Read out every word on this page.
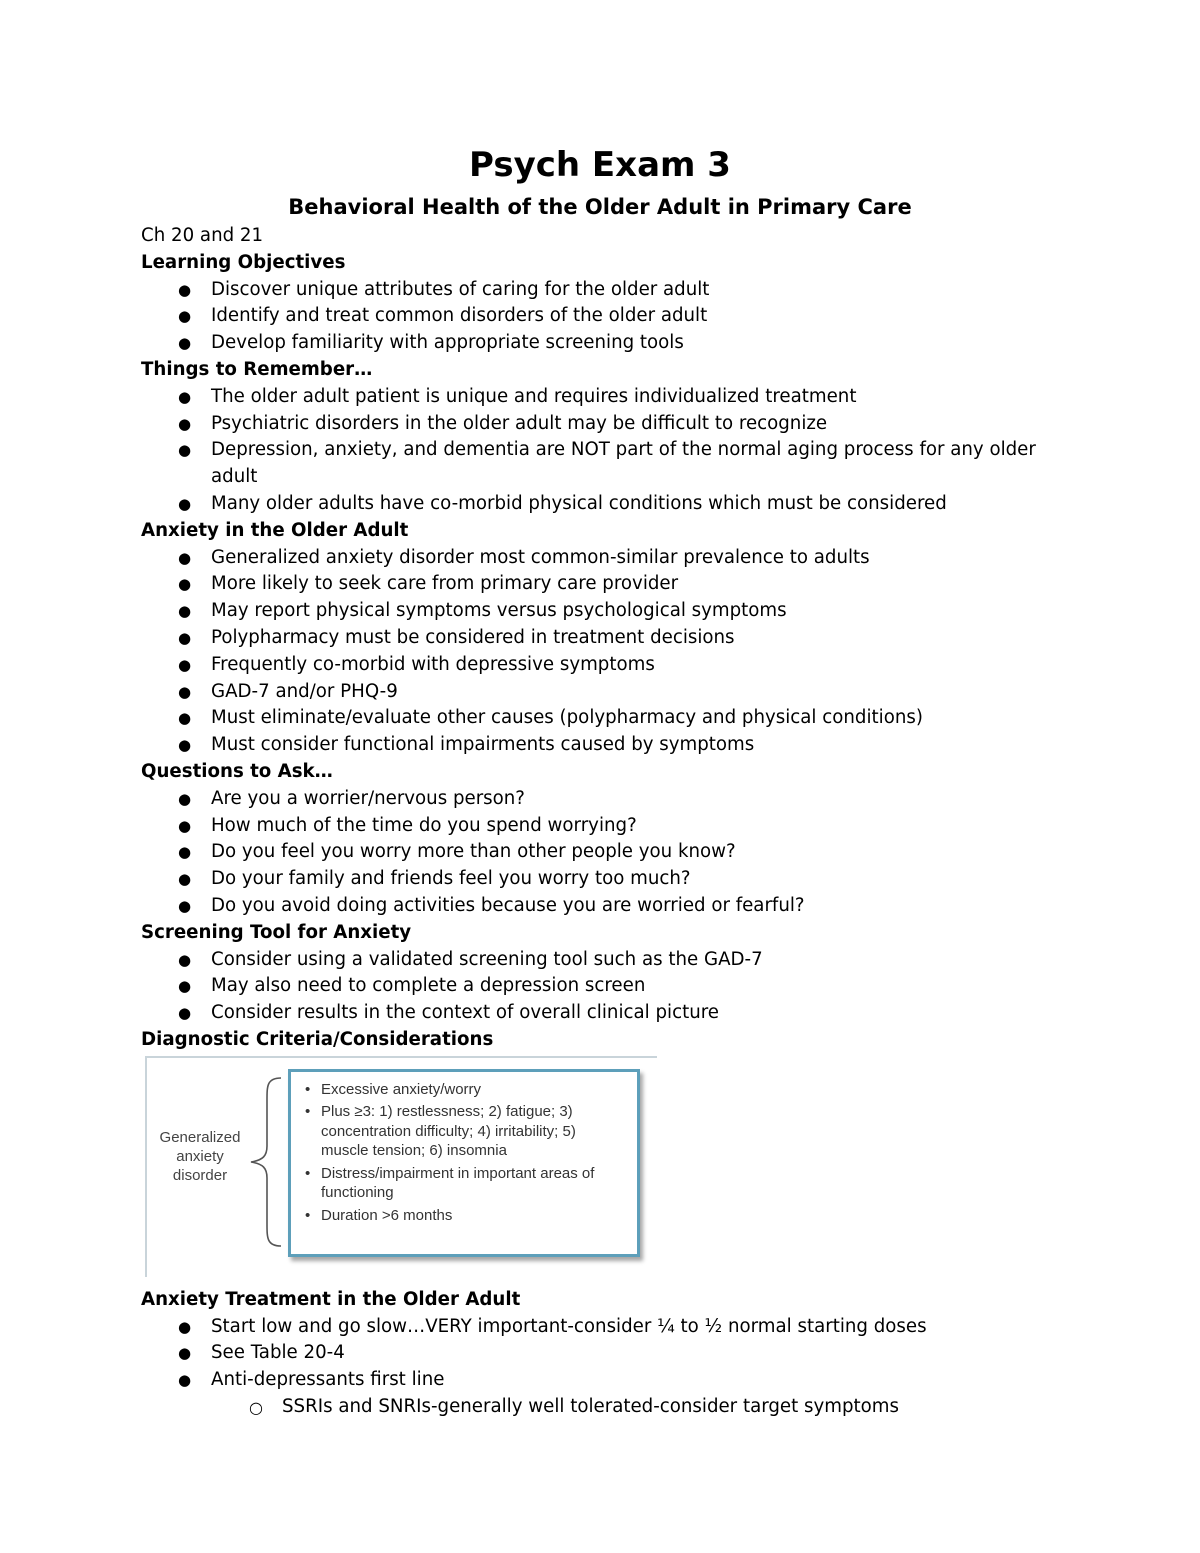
Psych Exam 3
Behavioral Health of the Older Adult in Primary Care

Ch 20 and 21

Learning Objectives

● Discover unique attributes of caring for the older adult
● Identify and treat common disorders of the older adult
● Develop familiarity with appropriate screening tools

Things to Remember…

● The older adult patient is unique and requires individualized treatment
● Psychiatric disorders in the older adult may be difficult to recognize
● Depression, anxiety, and dementia are NOT part of the normal aging process for any older adult
● Many older adults have co-morbid physical conditions which must be considered

Anxiety in the Older Adult

● Generalized anxiety disorder most common-similar prevalence to adults
● More likely to seek care from primary care provider
● May report physical symptoms versus psychological symptoms
● Polypharmacy must be considered in treatment decisions
● Frequently co-morbid with depressive symptoms
● GAD-7 and/or PHQ-9
● Must eliminate/evaluate other causes (polypharmacy and physical conditions)
● Must consider functional impairments caused by symptoms

Questions to Ask…

● Are you a worrier/nervous person?
● How much of the time do you spend worrying?
● Do you feel you worry more than other people you know?
● Do your family and friends feel you worry too much?
● Do you avoid doing activities because you are worried or fearful?

Screening Tool for Anxiety

● Consider using a validated screening tool such as the GAD-7
● May also need to complete a depression screen
● Consider results in the context of overall clinical picture

Diagnostic Criteria/Considerations

Generalized anxiety disorder
• Excessive anxiety/worry
• Plus ≥3: 1) restlessness; 2) fatigue; 3) concentration difficulty; 4) irritability; 5) muscle tension; 6) insomnia
• Distress/impairment in important areas of functioning
• Duration >6 months

Anxiety Treatment in the Older Adult

● Start low and go slow…VERY important-consider ¼ to ½ normal starting doses
● See Table 20-4
● Anti-depressants first line
○ SSRIs and SNRIs-generally well tolerated-consider target symptoms
